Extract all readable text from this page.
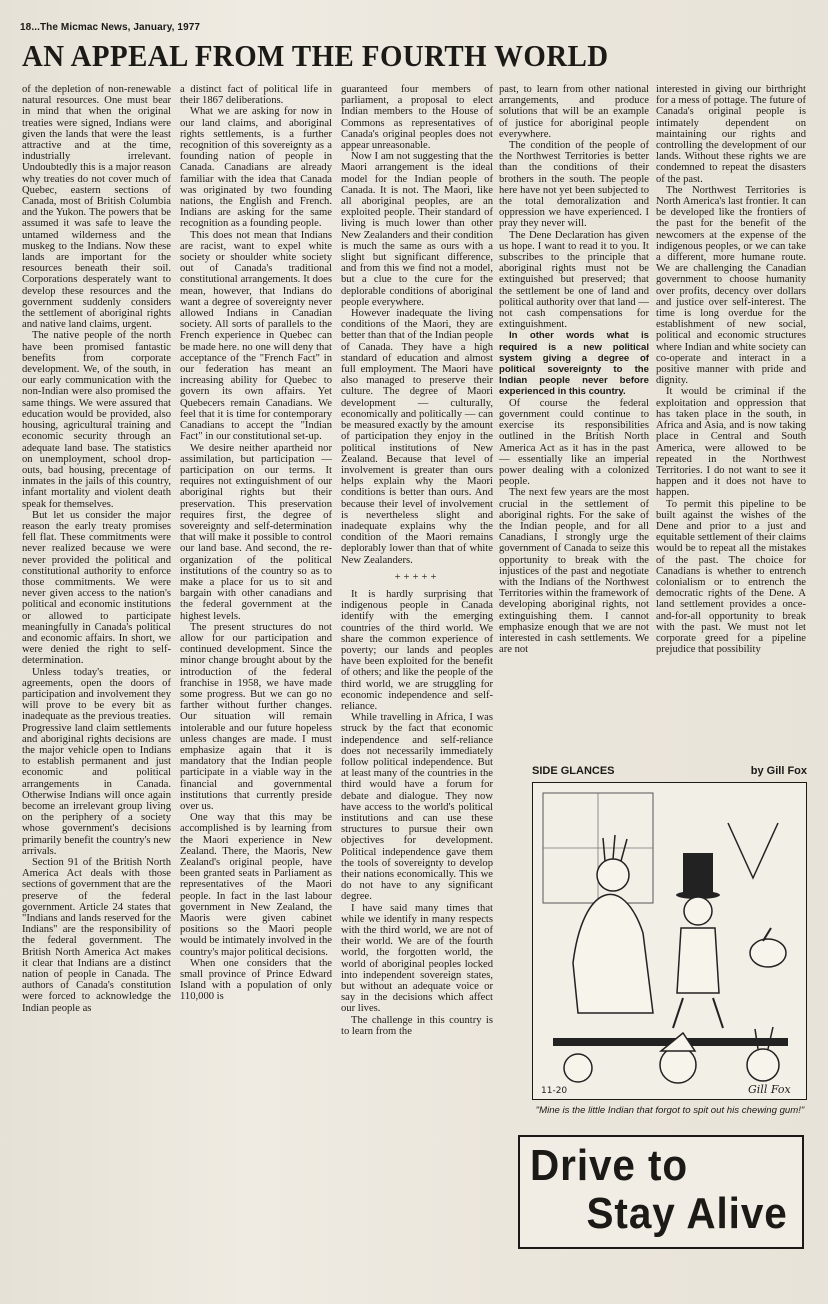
18...The Micmac News, January, 1977
AN APPEAL FROM THE FOURTH WORLD

of the depletion of non-renewable natural resources. One must bear in mind that when the original treaties were signed, Indians were given the lands that were the least attractive and at the time, industrially irrelevant. Undoubtedly this is a major reason why treaties do not cover much of Quebec, eastern sections of Canada, most of British Columbia and the Yukon. The powers that be assumed it was safe to leave the untamed wilderness and the muskeg to the Indians. Now these lands are important for the resources beneath their soil. Corporations desperately want to develop these resources and the government suddenly considers the settlement of aboriginal rights and native land claims, urgent.

The native people of the north have been promised fantastic benefits from corporate development. We, of the south, in our early communication with the non-Indian were also promised the same things. We were assured that education would be provided, also housing, agricultural training and economic security through an adequate land base. The statistics on unemployment, school drop-outs, bad housing, precentage of inmates in the jails of this country, infant mortality and violent death speak for themselves.

But let us consider the major reason the early treaty promises fell flat. These commitments were never realized because we were never provided the political and constitutional authority to enforce those commitments. We were never given access to the nation's political and economic institutions or allowed to participate meaningfully in Canada's political and economic affairs. In short, we were denied the right to self-determination.

Unless today's treaties, or agreements, open the doors of participation and involvement they will prove to be every bit as inadequate as the previous treaties. Progressive land claim settlements and aboriginal rights decisions are the major vehicle open to Indians to establish permanent and just economic and political arrangements in Canada. Otherwise Indians will once again become an irrelevant group living on the periphery of a society whose government's decisions primarily benefit the country's new arrivals.

Section 91 of the British North America Act deals with those sections of government that are the preserve of the federal government. Article 24 states that "Indians and lands reserved for the Indians" are the responsibility of the federal government. The British North America Act makes it clear that Indians are a distinct nation of people in Canada. The authors of Canada's constitution were forced to acknowledge the Indian people as

a distinct fact of political life in their 1867 deliberations.

What we are asking for now in our land claims, and aboriginal rights settlements, is a further recognition of this sovereignty as a founding nation of people in Canada. Canadians are already familiar with the idea that Canada was originated by two founding nations, the English and French. Indians are asking for the same recognition as a founding people.

This does not mean that Indians are racist, want to expel white society or shoulder white society out of Canada's traditional constitutional arrangements. It does mean, however, that Indians do want a degree of sovereignty never allowed Indians in Canadian society. All sorts of parallels to the French experience in Quebec can be made here. no one will deny that acceptance of the "French Fact" in our federation has meant an increasing ability for Quebec to govern its own affairs. Yet Quebecers remain Canadians. We feel that it is time for contemporary Canadians to accept the "Indian Fact" in our constitutional set-up.

We desire neither apartheid nor assimilation, but participation — participation on our terms. It requires not extinguishment of our aboriginal rights but their preservation. This preservation requires first, the degree of sovereignty and self-determination that will make it possible to control our land base. And second, the re-organization of the political institutions of the country so as to make a place for us to sit and bargain with other canadians and the federal government at the highest levels.

The present structures do not allow for our participation and continued development. Since the minor change brought about by the introduction of the federal franchise in 1958, we have made some progress. But we can go no farther without further changes. Our situation will remain intolerable and our future hopeless unless changes are made. I must emphasize again that it is mandatory that the Indian people participate in a viable way in the financial and governmental institutions that currently preside over us.

One way that this may be accomplished is by learning from the Maori experience in New Zealand. There, the Maoris, New Zealand's original people, have been granted seats in Parliament as representatives of the Maori people. In fact in the last labour government in New Zealand, the Maoris were given cabinet positions so the Maori people would be intimately involved in the country's major political decisions.

When one considers that the small province of Prince Edward Island with a population of only 110,000 is

guaranteed four members of parliament, a proposal to elect Indian members to the House of Commons as representatives of Canada's original peoples does not appear unreasonable.

Now I am not suggesting that the Maori arrangement is the ideal model for the Indian people of Canada. It is not. The Maori, like all aboriginal peoples, are an exploited people. Their standard of living is much lower than other New Zealanders and their condition is much the same as ours with a slight but significant difference, and from this we find not a model, but a clue to the cure for the deplorable conditions of aboriginal people everywhere.

However inadequate the living conditions of the Maori, they are better than that of the Indian people of Canada. They have a high standard of education and almost full employment. The Maori have also managed to preserve their culture. The degree of Maori development — culturally, economically and politically — can be measured exactly by the amount of participation they enjoy in the political institutions of New Zealand. Because that level of involvement is greater than ours helps explain why the Maori conditions is better than ours. And because their level of involvement is nevertheless slight and inadequate explains why the condition of the Maori remains deplorably lower than that of white New Zealanders.

+++++

It is hardly surprising that indigenous people in Canada identify with the emerging countries of the third world. We share the common experience of poverty; our lands and peoples have been exploited for the benefit of others; and like the people of the third world, we are struggling for economic independence and self-reliance.

While travelling in Africa, I was struck by the fact that economic independence and self-reliance does not necessarily immediately follow political independence. But at least many of the countries in the third would have a forum for debate and dialogue. They now have access to the world's political institutions and can use these structures to pursue their own objectives for development. Political independence gave them the tools of sovereignty to develop their nations economically. This we do not have to any significant degree.

I have said many times that while we identify in many respects with the third world, we are not of their world. We are of the fourth world, the forgotten world, the world of aboriginal peoples locked into independent sovereign states, but without an adequate voice or say in the decisions which affect our lives.

The challenge in this country is to learn from the

past, to learn from other national arrangements, and produce solutions that will be an example of justice for aboriginal people everywhere.

The condition of the people of the Northwest Territories is better than the conditions of their brothers in the south. The people here have not yet been subjected to the total demoralization and oppression we have experienced. I pray they never will.

The Dene Declaration has given us hope. I want to read it to you. It subscribes to the principle that aboriginal rights must not be extinguished but preserved; that the settlement be one of land and political authority over that land — not cash compensations for extinguishment.

In other words what is required is a new political system giving a degree of political sovereignty to the Indian people never before experienced in this country.

Of course the federal government could continue to exercise its responsibilities outlined in the British North America Act as it has in the past — essentially like an imperial power dealing with a colonized people.

The next few years are the most crucial in the settlement of aboriginal rights. For the sake of the Indian people, and for all Canadians, I strongly urge the government of Canada to seize this opportunity to break with the injustices of the past and negotiate with the Indians of the Northwest Territories within the framework of developing aboriginal rights, not extinguishing them. I cannot emphasize enough that we are not interested in cash settlements. We are not

interested in giving our birthright for a mess of pottage. The future of Canada's original people is intimately dependent on maintaining our rights and controlling the development of our lands. Without these rights we are condemned to repeat the disasters of the past.

The Northwest Territories is North America's last frontier. It can be developed like the frontiers of the past for the benefit of the newcomers at the expense of the indigenous peoples, or we can take a different, more humane route. We are challenging the Canadian government to choose humanity over profits, decency over dollars and justice over self-interest. The time is long overdue for the establishment of new social, political and economic structures where Indian and white society can co-operate and interact in a positive manner with pride and dignity.

It would be criminal if the exploitation and oppression that has taken place in the south, in Africa and Asia, and is now taking place in Central and South America, were allowed to be repeated in the Northwest Territories. I do not want to see it happen and it does not have to happen.

To permit this pipeline to be built against the wishes of the Dene and prior to a just and equitable settlement of their claims would be to repeat all the mistakes of the past. The choice for Canadians is whether to entrench colonialism or to entrench the democratic rights of the Dene. A land settlement provides a once-and-for-all opportunity to break with the past. We must not let corporate greed for a pipeline prejudice that possibility

SIDE GLANCES	by Gill Fox
11-20	Gill Fox
"Mine is the little Indian that forgot to spit out his chewing gum!"
Drive to
Stay Alive
